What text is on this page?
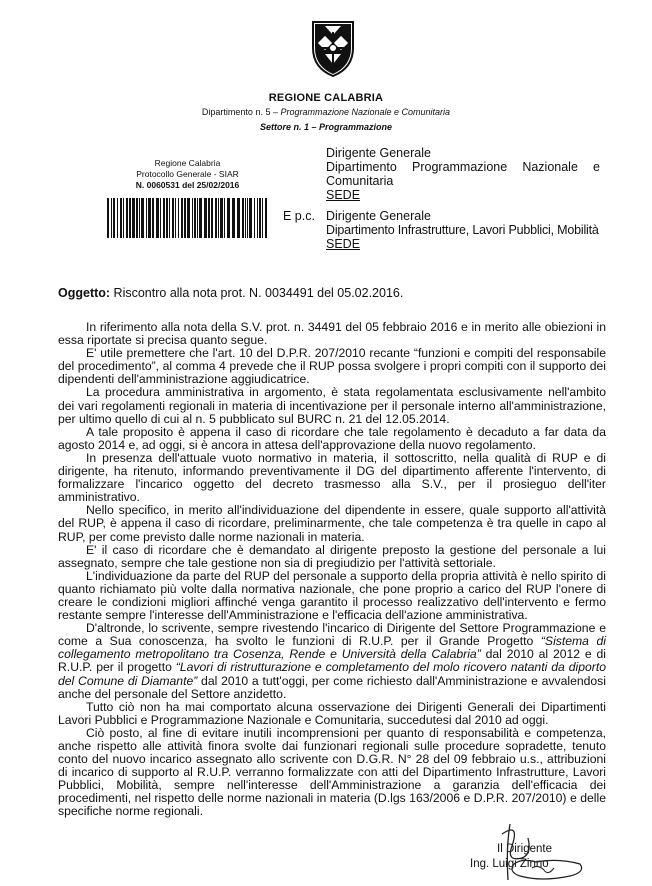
REGIONE CALABRIA
Dipartimento n. 5 – Programmazione Nazionale e Comunitaria
Settore n. 1 – Programmazione
Regione Calabria
Protocollo Generale - SIAR
N. 0060531 del 25/02/2016
Dirigente Generale
Dipartimento Programmazione Nazionale e
Comunitaria
SEDE
E p.c. Dirigente Generale
Dipartimento Infrastrutture, Lavori Pubblici, Mobilità
SEDE
Oggetto: Riscontro alla nota prot. N. 0034491 del 05.02.2016.

In riferimento alla nota della S.V. prot. n. 34491 del 05 febbraio 2016 e in merito alle obiezioni in essa riportate si precisa quanto segue.

E' utile premettere che l'art. 10 del D.P.R. 207/2010 recante “funzioni e compiti del responsabile del procedimento”, al comma 4 prevede che il RUP possa svolgere i propri compiti con il supporto dei dipendenti dell'amministrazione aggiudicatrice.

La procedura amministrativa in argomento, è stata regolamentata esclusivamente nell'ambito dei vari regolamenti regionali in materia di incentivazione per il personale interno all'amministrazione, per ultimo quello di cui al n. 5 pubblicato sul BURC n. 21 del 12.05.2014.

A tale proposito è appena il caso di ricordare che tale regolamento è decaduto a far data da agosto 2014 e, ad oggi, si è ancora in attesa dell'approvazione della nuovo regolamento.

In presenza dell'attuale vuoto normativo in materia, il sottoscritto, nella qualità di RUP e di dirigente, ha ritenuto, informando preventivamente il DG del dipartimento afferente l'intervento, di formalizzare l'incarico oggetto del decreto trasmesso alla S.V., per il prosieguo dell'iter amministrativo.

Nello specifico, in merito all'individuazione del dipendente in essere, quale supporto all'attività del RUP, è appena il caso di ricordare, preliminarmente, che tale competenza è tra quelle in capo al RUP, per come previsto dalle norme nazionali in materia.

E' il caso di ricordare che è demandato al dirigente preposto la gestione del personale a lui assegnato, sempre che tale gestione non sia di pregiudizio per l'attività settoriale.

L'individuazione da parte del RUP del personale a supporto della propria attività è nello spirito di quanto richiamato più volte dalla normativa nazionale, che pone proprio a carico del RUP l'onere di creare le condizioni migliori affinché venga garantito il processo realizzativo dell'intervento e fermo restante sempre l'interesse dell'Amministrazione e l'efficacia dell'azione amministrativa.

D'altronde, lo scrivente, sempre rivestendo l'incarico di Dirigente del Settore Programmazione e come a Sua conoscenza, ha svolto le funzioni di R.U.P. per il Grande Progetto “Sistema di collegamento metropolitano tra Cosenza, Rende e Università della Calabria” dal 2010 al 2012 e di R.U.P. per il progetto “Lavori di ristrutturazione e completamento del molo ricovero natanti da diporto del Comune di Diamante” dal 2010 a tutt'oggi, per come richiesto dall'Amministrazione e avvalendosi anche del personale del Settore anzidetto.

Tutto ciò non ha mai comportato alcuna osservazione dei Dirigenti Generali dei Dipartimenti Lavori Pubblici e Programmazione Nazionale e Comunitaria, succedutesi dal 2010 ad oggi.

Ciò posto, al fine di evitare inutili incomprensioni per quanto di responsabilità e competenza, anche rispetto alle attività finora svolte dai funzionari regionali sulle procedure sopradette, tenuto conto del nuovo incarico assegnato allo scrivente con D.G.R. N° 28 del 09 febbraio u.s., attribuzioni di incarico di supporto al R.U.P. verranno formalizzate con atti del Dipartimento Infrastrutture, Lavori Pubblici, Mobilità, sempre nell'interesse dell'Amministrazione a garanzia dell'efficacia dei procedimenti, nel rispetto delle norme nazionali in materia (D.lgs 163/2006 e D.P.R. 207/2010) e delle specifiche norme regionali.

Il Dirigente
Ing. Luigi Zinno
